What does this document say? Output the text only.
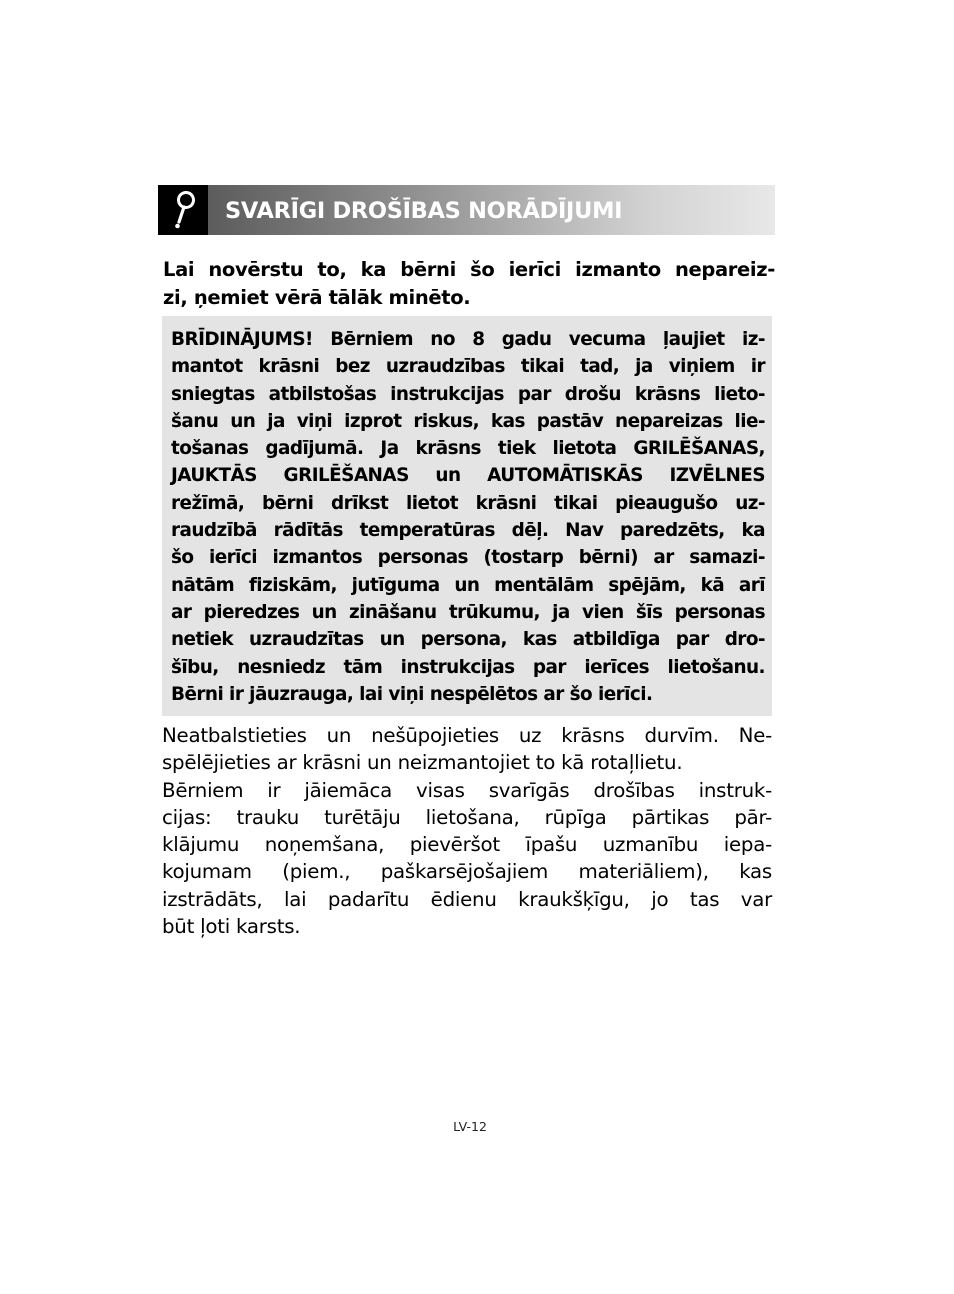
SVARĪGI DROŠĪBAS NORĀDĪJUMI

Lai novērstu to, ka bērni šo ierīci izmanto nepareiz-
zi, ņemiet vērā tālāk minēto.

BRĪDINĀJUMS! Bērniem no 8 gadu vecuma ļaujiet iz-
mantot krāsni bez uzraudzības tikai tad, ja viņiem ir
sniegtas atbilstošas instrukcijas par drošu krāsns lieto-
šanu un ja viņi izprot riskus, kas pastāv nepareizas lie-
tošanas gadījumā. Ja krāsns tiek lietota GRILĒŠANAS,
JAUKTĀS GRILĒŠANAS un AUTOMĀTISKĀS IZVĒLNES
režīmā, bērni drīkst lietot krāsni tikai pieaugušo uz-
raudzībā rādītās temperatūras dēļ. Nav paredzēts, ka
šo ierīci izmantos personas (tostarp bērni) ar samazi-
nātām fiziskām, jutīguma un mentālām spējām, kā arī
ar pieredzes un zināšanu trūkumu, ja vien šīs personas
netiek uzraudzītas un persona, kas atbildīga par dro-
šību, nesniedz tām instrukcijas par ierīces lietošanu.
Bērni ir jāuzrauga, lai viņi nespēlētos ar šo ierīci.

Neatbalstieties un nešūpojieties uz krāsns durvīm. Ne-
spēlējieties ar krāsni un neizmantojiet to kā rotaļlietu.
Bērniem ir jāiemāca visas svarīgās drošības instruk-
cijas: trauku turētāju lietošana, rūpīga pārtikas pār-
klājumu noņemšana, pievēršot īpašu uzmanību iepa-
kojumam (piem., paškarsējošajiem materiāliem), kas
izstrādāts, lai padarītu ēdienu kraukšķīgu, jo tas var
būt ļoti karsts.

LV-12
